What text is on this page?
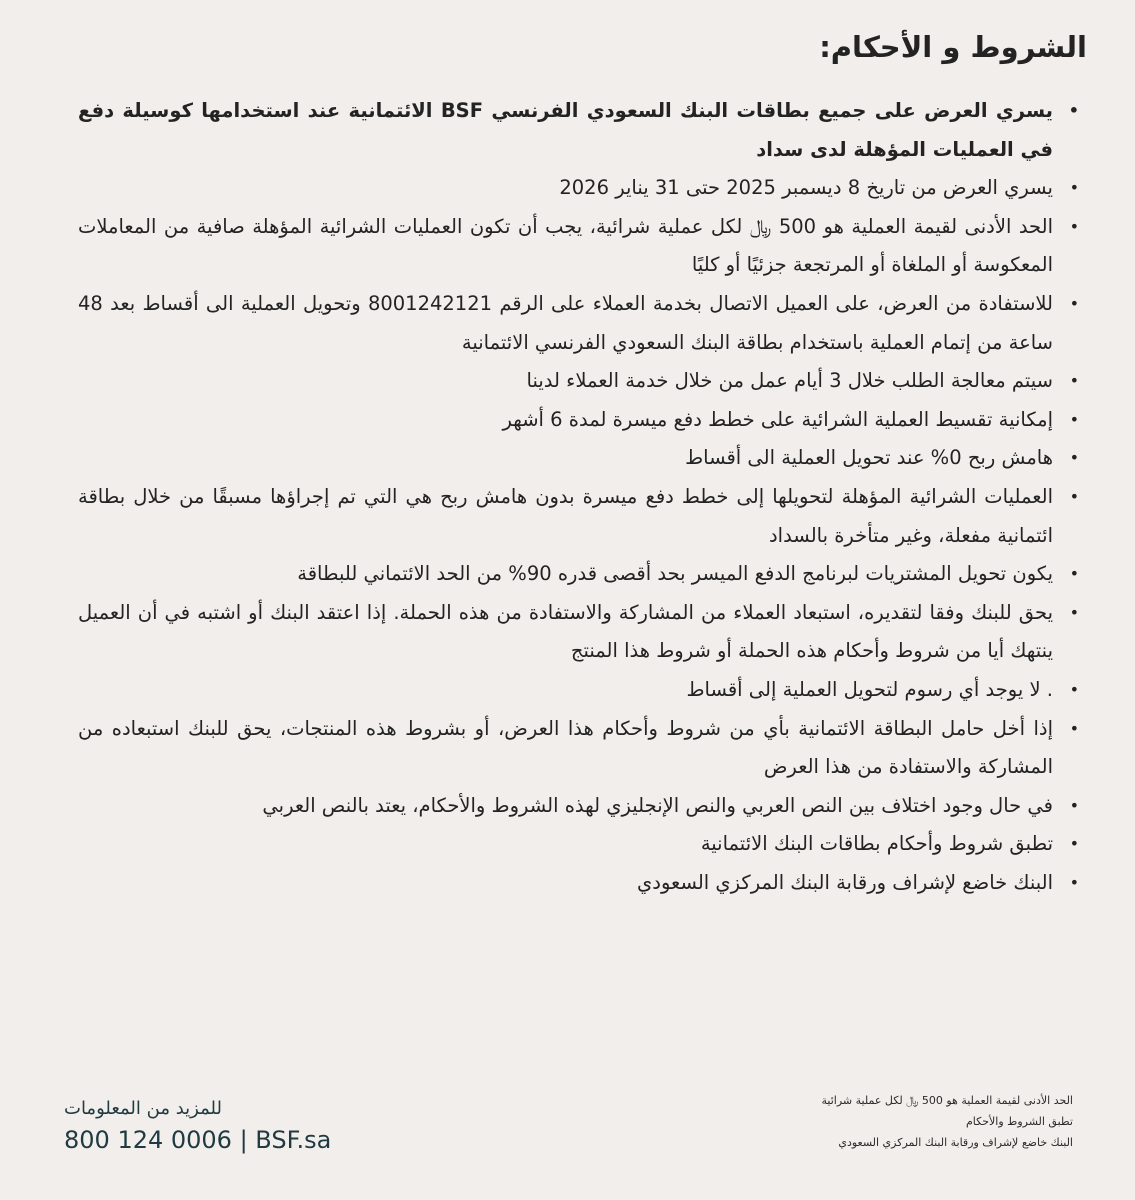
الشروط و الأحكام:
• يسري العرض على جميع بطاقات البنك السعودي الفرنسي BSF الائتمانية عند استخدامها كوسيلة دفع في العمليات المؤهلة لدى سداد
• يسري العرض من تاريخ 8 ديسمبر 2025 حتى 31 يناير 2026
• الحد الأدنى لقيمة العملية هو 500 ﷼ لكل عملية شرائية، يجب أن تكون العمليات الشرائية المؤهلة صافية من المعاملات المعكوسة أو الملغاة أو المرتجعة جزئيًا أو كليًا
• للاستفادة من العرض، على العميل الاتصال بخدمة العملاء على الرقم 8001242121 وتحويل العملية الى أقساط بعد 48 ساعة من إتمام العملية باستخدام بطاقة البنك السعودي الفرنسي الائتمانية
• سيتم معالجة الطلب خلال 3 أيام عمل من خلال خدمة العملاء لدينا
• إمكانية تقسيط العملية الشرائية على خطط دفع ميسرة لمدة 6 أشهر
• هامش ربح 0% عند تحويل العملية الى أقساط
• العمليات الشرائية المؤهلة لتحويلها إلى خطط دفع ميسرة بدون هامش ربح هي التي تم إجراؤها مسبقًا من خلال بطاقة ائتمانية مفعلة، وغير متأخرة بالسداد
• يكون تحويل المشتريات لبرنامج الدفع الميسر بحد أقصى قدره 90% من الحد الائتماني للبطاقة
• يحق للبنك وفقا لتقديره، استبعاد العملاء من المشاركة والاستفادة من هذه الحملة. إذا اعتقد البنك أو اشتبه في أن العميل ينتهك أيا من شروط وأحكام هذه الحملة أو شروط هذا المنتج
• . لا يوجد أي رسوم لتحويل العملية إلى أقساط
• إذا أخل حامل البطاقة الائتمانية بأي من شروط وأحكام هذا العرض، أو بشروط هذه المنتجات، يحق للبنك استبعاده من المشاركة والاستفادة من هذا العرض
• في حال وجود اختلاف بين النص العربي والنص الإنجليزي لهذه الشروط والأحكام، يعتد بالنص العربي
• تطبق شروط وأحكام بطاقات البنك الائتمانية
• البنك خاضع لإشراف ورقابة البنك المركزي السعودي
للمزيد من المعلومات
800 124 0006 | BSF.sa
الحد الأدنى لقيمة العملية هو 500 ﷼ لكل عملية شرائية
تطبق الشروط والأحكام
البنك خاضع لإشراف ورقابة البنك المركزي السعودي
